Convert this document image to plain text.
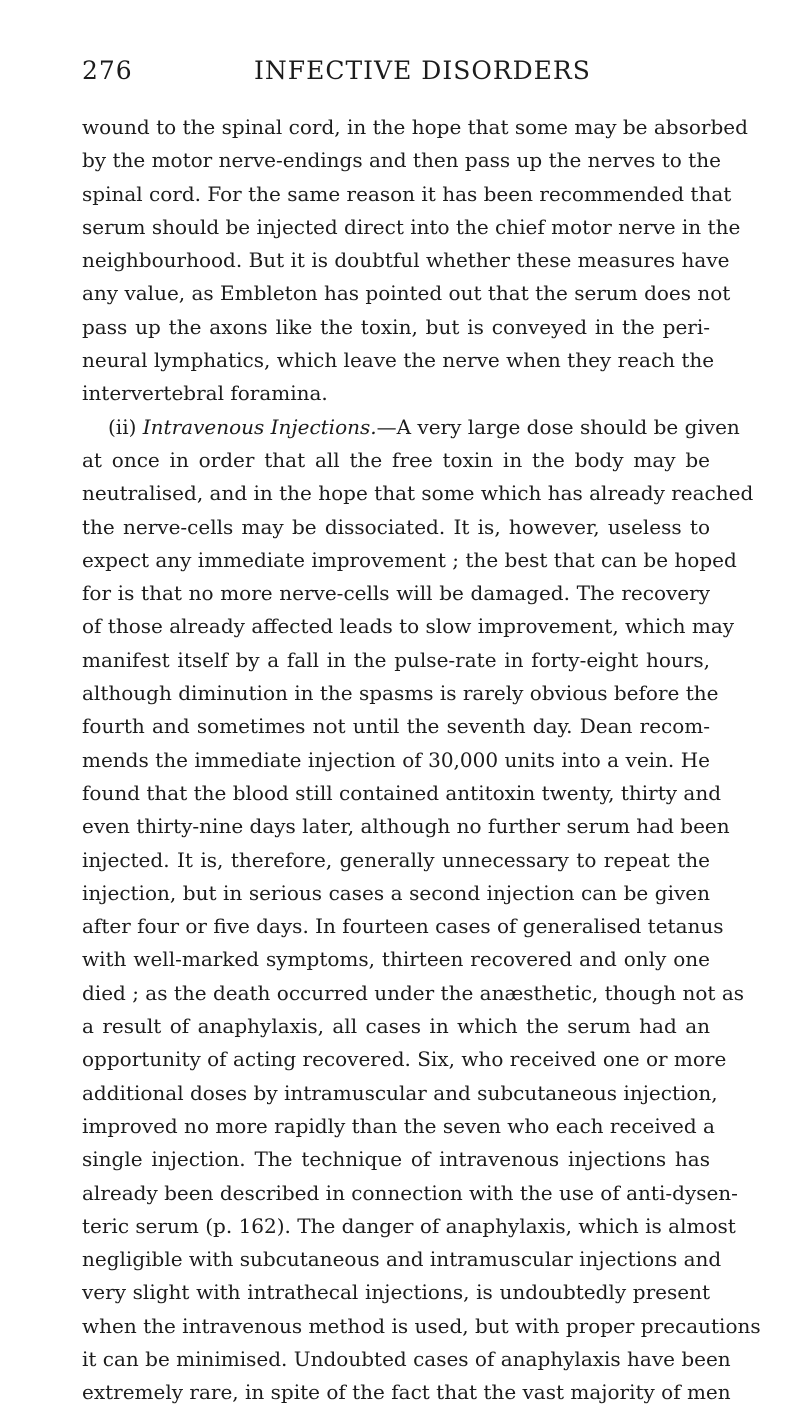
276	INFECTIVE DISORDERS
wound to the spinal cord, in the hope that some may be absorbed
by the motor nerve-endings and then pass up the nerves to the
spinal cord. For the same reason it has been recommended that
serum should be injected direct into the chief motor nerve in the
neighbourhood. But it is doubtful whether these measures have
any value, as Embleton has pointed out that the serum does not
pass up the axons like the toxin, but is conveyed in the peri-
neural lymphatics, which leave the nerve when they reach the
intervertebral foramina.
(ii) Intravenous Injections.—A very large dose should be given
at once in order that all the free toxin in the body may be
neutralised, and in the hope that some which has already reached
the nerve-cells may be dissociated. It is, however, useless to
expect any immediate improvement ; the best that can be hoped
for is that no more nerve-cells will be damaged. The recovery
of those already affected leads to slow improvement, which may
manifest itself by a fall in the pulse-rate in forty-eight hours,
although diminution in the spasms is rarely obvious before the
fourth and sometimes not until the seventh day. Dean recom-
mends the immediate injection of 30,000 units into a vein. He
found that the blood still contained antitoxin twenty, thirty and
even thirty-nine days later, although no further serum had been
injected. It is, therefore, generally unnecessary to repeat the
injection, but in serious cases a second injection can be given
after four or five days. In fourteen cases of generalised tetanus
with well-marked symptoms, thirteen recovered and only one
died ; as the death occurred under the anæsthetic, though not as
a result of anaphylaxis, all cases in which the serum had an
opportunity of acting recovered. Six, who received one or more
additional doses by intramuscular and subcutaneous injection,
improved no more rapidly than the seven who each received a
single injection. The technique of intravenous injections has
already been described in connection with the use of anti-dysen-
teric serum (p. 162). The danger of anaphylaxis, which is almost
negligible with subcutaneous and intramuscular injections and
very slight with intrathecal injections, is undoubtedly present
when the intravenous method is used, but with proper precautions
it can be minimised. Undoubted cases of anaphylaxis have been
extremely rare, in spite of the fact that the vast majority of men
